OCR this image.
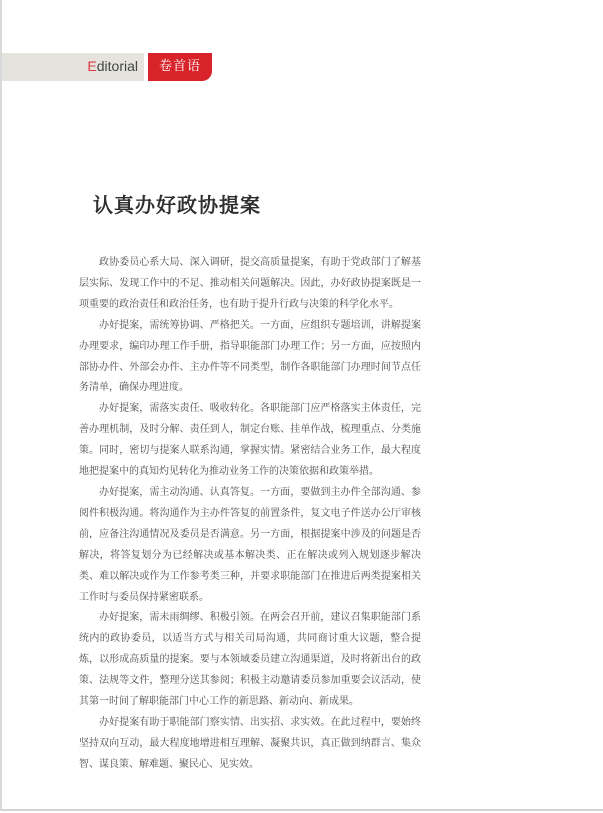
Editorial	卷首语
认真办好政协提案

政协委员心系大局、深入调研，提交高质量提案，有助于党政部门了解基层实际、发现工作中的不足、推动相关问题解决。因此，办好政协提案既是一项重要的政治责任和政治任务，也有助于提升行政与决策的科学化水平。

办好提案，需统筹协调、严格把关。一方面，应组织专题培训，讲解提案办理要求，编印办理工作手册，指导职能部门办理工作；另一方面，应按照内部协办件、外部会办件、主办件等不同类型，制作各职能部门办理时间节点任务清单，确保办理进度。

办好提案，需落实责任、吸收转化。各职能部门应严格落实主体责任，完善办理机制，及时分解、责任到人，制定台账、挂单作战，梳理重点、分类施策。同时，密切与提案人联系沟通，掌握实情。紧密结合业务工作，最大程度地把提案中的真知灼见转化为推动业务工作的决策依据和政策举措。

办好提案，需主动沟通、认真答复。一方面，要做到主办件全部沟通、参阅件积极沟通。将沟通作为主办件答复的前置条件，复文电子件送办公厅审核前，应备注沟通情况及委员是否满意。另一方面，根据提案中涉及的问题是否解决，将答复划分为已经解决或基本解决类、正在解决或列入规划逐步解决类、难以解决或作为工作参考类三种，并要求职能部门在推进后两类提案相关工作时与委员保持紧密联系。

办好提案，需未雨绸缪、积极引领。在两会召开前，建议召集职能部门系统内的政协委员，以适当方式与相关司局沟通，共同商讨重大议题，整合提炼，以形成高质量的提案。要与本领域委员建立沟通渠道，及时将新出台的政策、法规等文件，整理分送其参阅；积极主动邀请委员参加重要会议活动，使其第一时间了解职能部门中心工作的新思路、新动向、新成果。

办好提案有助于职能部门察实情、出实招、求实效。在此过程中，要始终坚持双向互动，最大程度地增进相互理解、凝聚共识，真正做到纳群言、集众智、谋良策、解难题、聚民心、见实效。
